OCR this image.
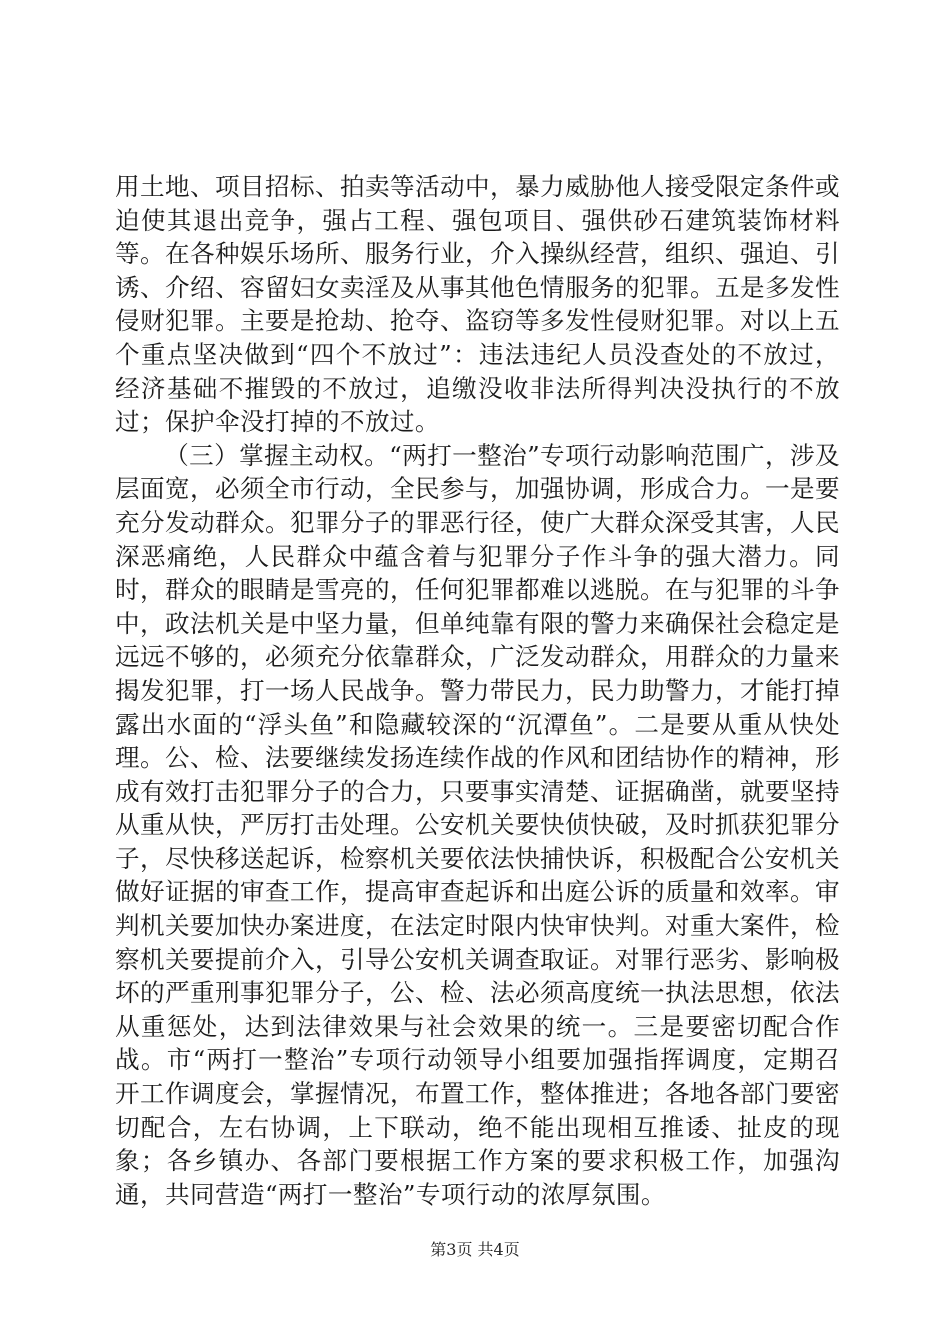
用土地、项目招标、拍卖等活动中，暴力威胁他人接受限定条件或迫使其退出竞争，强占工程、强包项目、强供砂石建筑装饰材料等。在各种娱乐场所、服务行业，介入操纵经营，组织、强迫、引诱、介绍、容留妇女卖淫及从事其他色情服务的犯罪。五是多发性侵财犯罪。主要是抢劫、抢夺、盗窃等多发性侵财犯罪。对以上五个重点坚决做到“四个不放过”：违法违纪人员没查处的不放过，经济基础不摧毁的不放过，追缴没收非法所得判决没执行的不放过；保护伞没打掉的不放过。

（三）掌握主动权。“两打一整治”专项行动影响范围广，涉及层面宽，必须全市行动，全民参与，加强协调，形成合力。一是要充分发动群众。犯罪分子的罪恶行径，使广大群众深受其害，人民深恶痛绝，人民群众中蕴含着与犯罪分子作斗争的强大潜力。同时，群众的眼睛是雪亮的，任何犯罪都难以逃脱。在与犯罪的斗争中，政法机关是中坚力量，但单纯靠有限的警力来确保社会稳定是远远不够的，必须充分依靠群众，广泛发动群众，用群众的力量来揭发犯罪，打一场人民战争。警力带民力，民力助警力，才能打掉露出水面的“浮头鱼”和隐藏较深的“沉潭鱼”。二是要从重从快处理。公、检、法要继续发扬连续作战的作风和团结协作的精神，形成有效打击犯罪分子的合力，只要事实清楚、证据确凿，就要坚持从重从快，严厉打击处理。公安机关要快侦快破，及时抓获犯罪分子，尽快移送起诉，检察机关要依法快捕快诉，积极配合公安机关做好证据的审查工作，提高审查起诉和出庭公诉的质量和效率。审判机关要加快办案进度，在法定时限内快审快判。对重大案件，检察机关要提前介入，引导公安机关调查取证。对罪行恶劣、影响极坏的严重刑事犯罪分子，公、检、法必须高度统一执法思想，依法从重惩处，达到法律效果与社会效果的统一。三是要密切配合作战。市“两打一整治”专项行动领导小组要加强指挥调度，定期召开工作调度会，掌握情况，布置工作，整体推进；各地各部门要密切配合，左右协调，上下联动，绝不能出现相互推诿、扯皮的现象；各乡镇办、各部门要根据工作方案的要求积极工作，加强沟通，共同营造“两打一整治”专项行动的浓厚氛围。

第3页 共4页
